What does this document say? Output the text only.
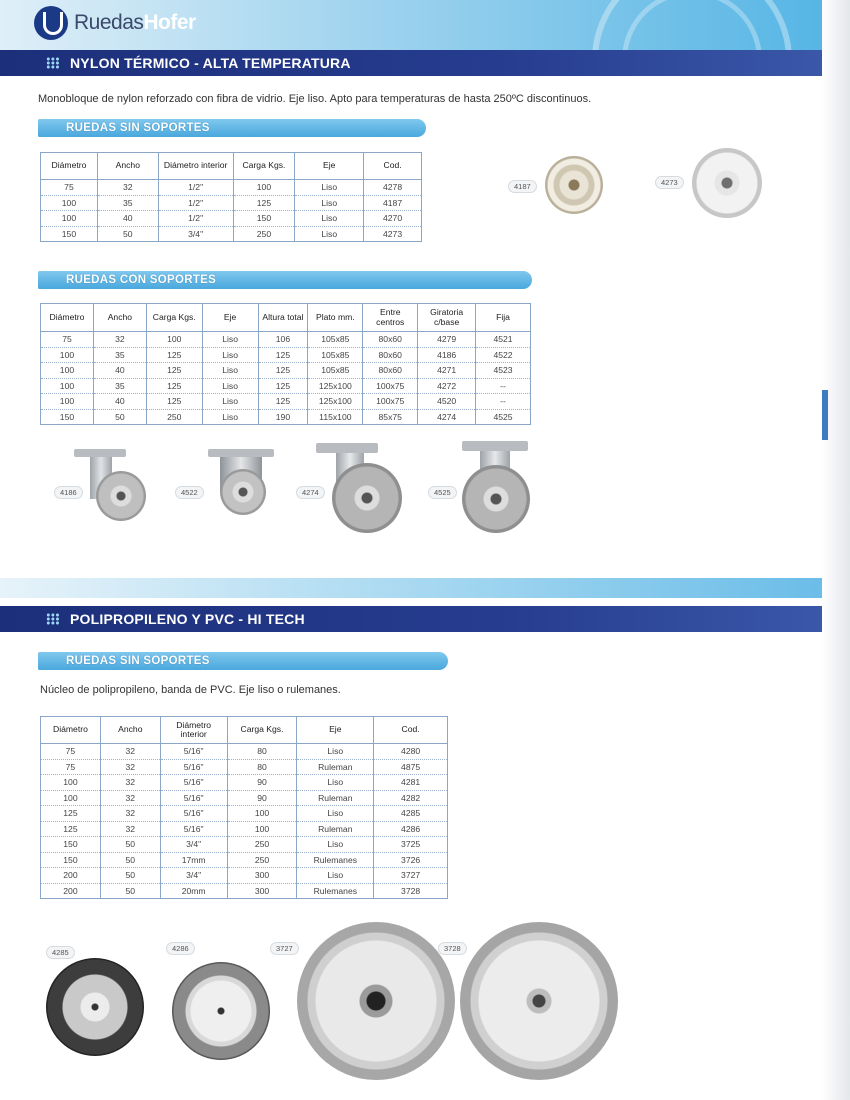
RuedasHofer
NYLON TÉRMICO - ALTA TEMPERATURA
Monobloque de nylon reforzado con fibra de vidrio. Eje liso. Apto para temperaturas de hasta 250ºC discontinuos.
RUEDAS SIN SOPORTES
Diámetro	Ancho	Diámetro interior	Carga Kgs.	Eje	Cod.
75	32	1/2"	100	Liso	4278
100	35	1/2"	125	Liso	4187
100	40	1/2"	150	Liso	4270
150	50	3/4"	250	Liso	4273
4187	4273
RUEDAS CON SOPORTES
Diámetro	Ancho	Carga Kgs.	Eje	Altura total	Plato mm.	Entre centros	Giratoria c/base	Fija
75	32	100	Liso	106	105x85	80x60	4279	4521
100	35	125	Liso	125	105x85	80x60	4186	4522
100	40	125	Liso	125	105x85	80x60	4271	4523
100	35	125	Liso	125	125x100	100x75	4272	--
100	40	125	Liso	125	125x100	100x75	4520	--
150	50	250	Liso	190	115x100	85x75	4274	4525
4186	4522	4274	4525
POLIPROPILENO Y PVC - HI TECH
RUEDAS SIN SOPORTES
Núcleo de polipropileno, banda de PVC. Eje liso o rulemanes.
Diámetro	Ancho	Diámetro interior	Carga Kgs.	Eje	Cod.
75	32	5/16"	80	Liso	4280
75	32	5/16"	80	Ruleman	4875
100	32	5/16"	90	Liso	4281
100	32	5/16"	90	Ruleman	4282
125	32	5/16"	100	Liso	4285
125	32	5/16"	100	Ruleman	4286
150	50	3/4"	250	Liso	3725
150	50	17mm	250	Rulemanes	3726
200	50	3/4"	300	Liso	3727
200	50	20mm	300	Rulemanes	3728
4285	4286	3727	3728
